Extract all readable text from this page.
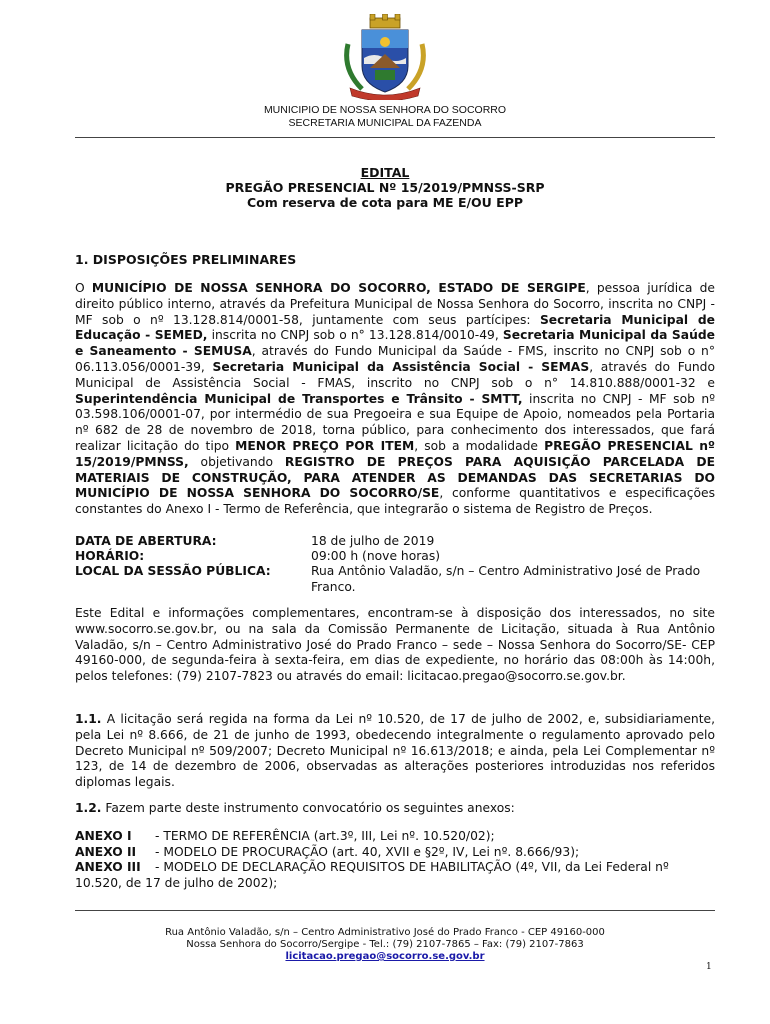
MUNICIPIO DE NOSSA SENHORA DO SOCORRO
SECRETARIA MUNICIPAL DA FAZENDA
EDITAL
PREGÃO PRESENCIAL Nº 15/2019/PMNSS-SRP
Com reserva de cota para ME E/OU EPP
1. DISPOSIÇÕES PRELIMINARES
O MUNICÍPIO DE NOSSA SENHORA DO SOCORRO, ESTADO DE SERGIPE, pessoa jurídica de direito público interno, através da Prefeitura Municipal de Nossa Senhora do Socorro, inscrita no CNPJ - MF sob o nº 13.128.814/0001-58, juntamente com seus partícipes: Secretaria Municipal de Educação - SEMED, inscrita no CNPJ sob o n° 13.128.814/0010-49, Secretaria Municipal da Saúde e Saneamento - SEMUSA, através do Fundo Municipal da Saúde - FMS, inscrito no CNPJ sob o n° 06.113.056/0001-39, Secretaria Municipal da Assistência Social - SEMAS, através do Fundo Municipal de Assistência Social - FMAS, inscrito no CNPJ sob o n° 14.810.888/0001-32 e Superintendência Municipal de Transportes e Trânsito - SMTT, inscrita no CNPJ - MF sob nº 03.598.106/0001-07, por intermédio de sua Pregoeira e sua Equipe de Apoio, nomeados pela Portaria nº 682 de 28 de novembro de 2018, torna público, para conhecimento dos interessados, que fará realizar licitação do tipo MENOR PREÇO POR ITEM, sob a modalidade PREGÃO PRESENCIAL nº 15/2019/PMNSS, objetivando REGISTRO DE PREÇOS PARA AQUISIÇÃO PARCELADA DE MATERIAIS DE CONSTRUÇÃO, PARA ATENDER AS DEMANDAS DAS SECRETARIAS DO MUNICÍPIO DE NOSSA SENHORA DO SOCORRO/SE, conforme quantitativos e especificações constantes do Anexo I - Termo de Referência, que integrarão o sistema de Registro de Preços.
DATA DE ABERTURA:	18 de julho de 2019
HORÁRIO:	09:00 h (nove horas)
LOCAL DA SESSÃO PÚBLICA:	Rua Antônio Valadão, s/n – Centro Administrativo José de Prado Franco.
Este Edital e informações complementares, encontram-se à disposição dos interessados, no site www.socorro.se.gov.br, ou na sala da Comissão Permanente de Licitação, situada à Rua Antônio Valadão, s/n – Centro Administrativo José do Prado Franco – sede – Nossa Senhora do Socorro/SE- CEP 49160-000, de segunda-feira à sexta-feira, em dias de expediente, no horário das 08:00h às 14:00h, pelos telefones: (79) 2107-7823 ou através do email: licitacao.pregao@socorro.se.gov.br.
1.1. A licitação será regida na forma da Lei nº 10.520, de 17 de julho de 2002, e, subsidiariamente, pela Lei nº 8.666, de 21 de junho de 1993, obedecendo integralmente o regulamento aprovado pelo Decreto Municipal nº 509/2007; Decreto Municipal nº 16.613/2018; e ainda, pela Lei Complementar nº 123, de 14 de dezembro de 2006, observadas as alterações posteriores introduzidas nos referidos diplomas legais.
1.2. Fazem parte deste instrumento convocatório os seguintes anexos:
ANEXO I - TERMO DE REFERÊNCIA (art.3º, III, Lei nº. 10.520/02);
ANEXO II - MODELO DE PROCURAÇÃO (art. 40, XVII e §2º, IV, Lei nº. 8.666/93);
ANEXO III - MODELO DE DECLARAÇÃO REQUISITOS DE HABILITAÇÃO (4º, VII, da Lei Federal nº 10.520, de 17 de julho de 2002);
Rua Antônio Valadão, s/n – Centro Administrativo José do Prado Franco - CEP 49160-000
Nossa Senhora do Socorro/Sergipe - Tel.: (79) 2107-7865 – Fax: (79) 2107-7863
licitacao.pregao@socorro.se.gov.br
1
